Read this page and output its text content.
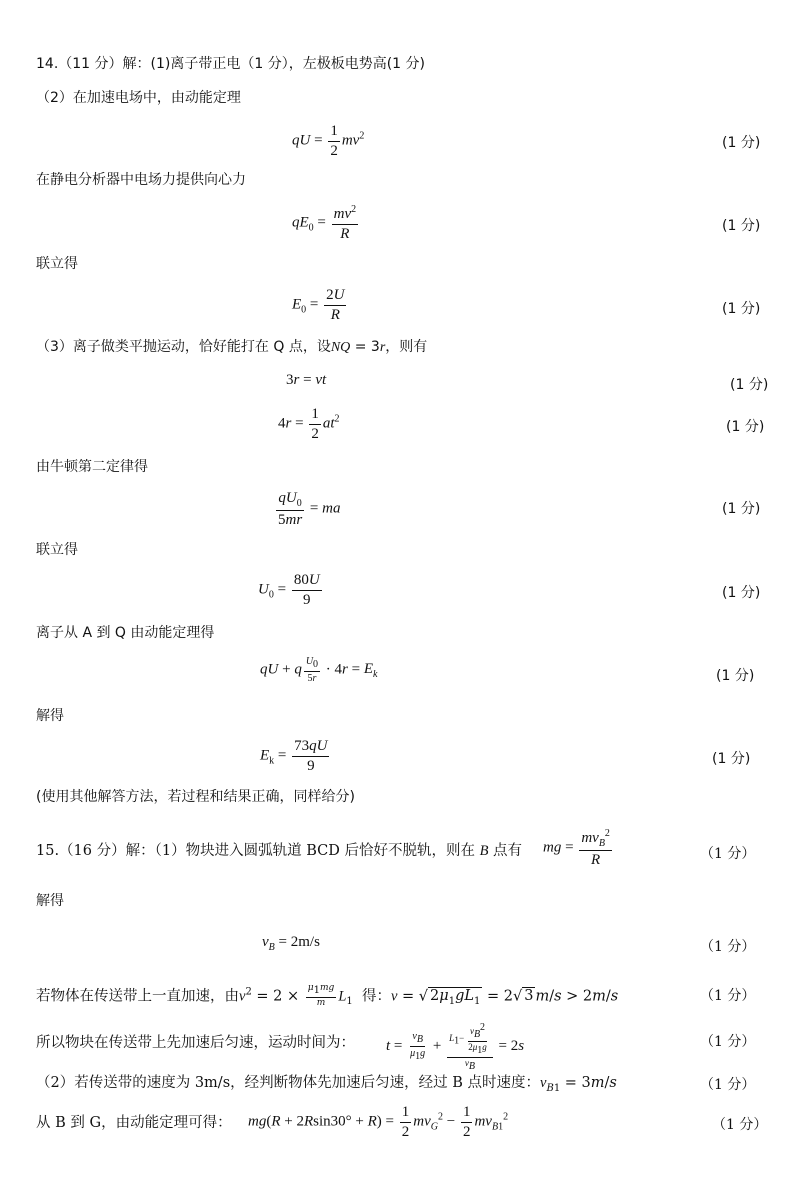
14.（11 分）解：(1)离子带正电（1 分），左极板电势高(1 分)
（2）在加速电场中，由动能定理
qU = $\frac{1}{2} mv^2$	(1 分)
在静电分析器中电场力提供向心力
$qE_0 = \frac{mv^2}{R}$	(1 分)
联立得
$E_0 = \frac{2U}{R}$	(1 分)
（3）离子做类平抛运动，恰好能打在 Q 点，设NQ = 3r，则有
3r = vt	(1 分)
$4r = \frac{1}{2} at^2$
(1 分)
由牛顿第二定律得
$\frac{qU_0}{5mr}$ = ma	(1 分)
联立得
$U_0 = \frac{80U}{9}$	(1 分)
离子从 A 到 Q 由动能定理得
qU + q $\frac{U_0}{5r} \cdot 4r = E_k$	(1 分)
解得
$E_k = \frac{73qU}{9}$	(1 分)
(使用其他解答方法，若过程和结果正确，同样给分)
15.（16 分）解：（1）物块进入圆弧轨道 BCD 后恰好不脱轨，则在 B 点有 mg = $\frac{mv_B^2}{R}$	（1 分）
解得
$v_B = 2m/s$	（1 分）
若物体在传送带上一直加速，由$v^2 = 2 \times \frac{\mu_1mg}{m} L_1$ 得：v = √ $2\mu_1gL_1 = 2√$ 3 m/s > 2m/s	（1 分）
所以物块在传送带上先加速后匀速，运动时间为： $t = \frac{v_B}{\mu_1g} + \frac{L_1- \frac{v_B^2}{2\mu_1g}}{v_B} = 2s$	（1 分）
（2）若传送带的速度为 3m/s，经判断物体先加速后匀速，经过 B 点时速度：$v_{B1} = 3m/s$	（1 分）
从 B 到 G，由动能定理可得： $mg(R + 2Rsin30^\circ + R) = \frac{1}{2} mv_G^2 - \frac{1}{2} mv_{B1}^2$
（1 分）
